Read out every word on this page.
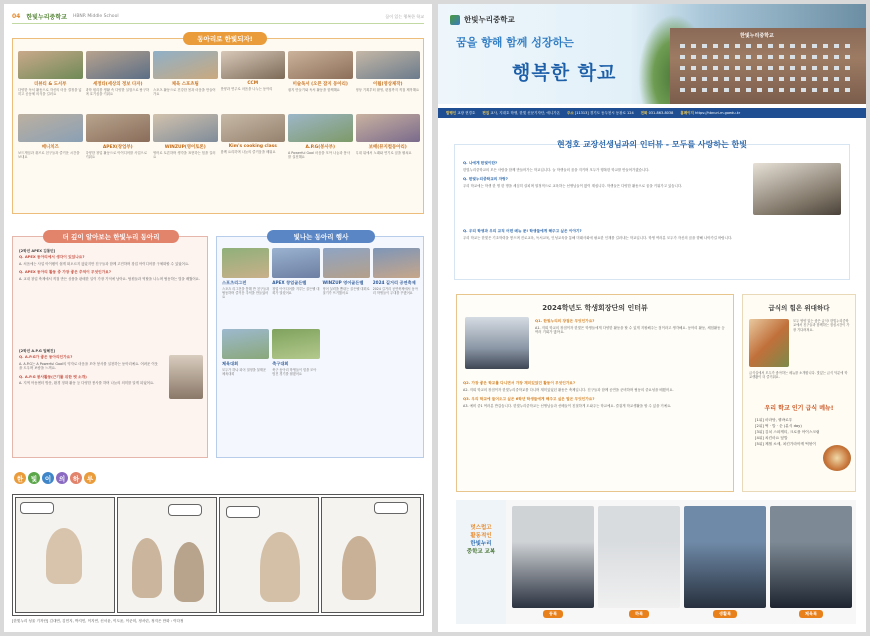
04 한빛누리중학교 HBNR Middle School	꿈이 있는 행복한 학교
동아리로 한빛되자!
더뷰티 & 도서부
다양한 독서 활동으로 자신의 마음 결정을 넓히고 공동체 의식을 길러요
세정타(세상의 정보 다자)
과학 원리를 생활 속 다양한 실험으로 탐구하며 호기심을 키워요
체육 스포츠팀
스포츠 활동으로 건강한 몸과 마음을 만들어 가요
CCM
찬양과 연주로 마음을 나누는 동아리
미술독서 (오픈 잡지 동아리)
잡지 만들기와 독서 활동을 함께해요
이월(영상제작)
영상 기획부터 촬영, 편집까지 직접 제작해요
매니치즈
보드게임과 퀴즈로 친구들과 즐거운 시간을 보내요
APEX(창업부)
다양한 창업 활동으로 아이디어를 사업으로 키워요
WINZUP(영어토론)
영어로 토론하며 생각을 표현하는 힘을 길러요
Kim's cooking class
함께 요리하며 나눔의 즐거움을 배워요
A.P.G(봉사부)
A Powerful Goal 마음을 모아 나눔과 봉사를 실천해요
보배(뮤지컬동아리)
무대 위에서 노래와 연기로 꿈을 펼쳐요
더 깊이 알아보는 한빛누리 동아리
[2학년 APEX 김통민]
Q. APEX 동아리에서 생각이 있었나요?
A. 처음에는 사업 아이템이 쉽게 떠오르지 않았지만 친구들과 함께 고민하며 창업 아이디어를 구체화할 수 있었어요.
Q. APEX 동아리 활동 중 가장 좋은 추억이 무엇인가요?
A. 교내 창업 축제에서 직접 만든 상품을 판매한 일이 가장 기억에 남아요. 팀원들과 역할을 나누며 협동하는 법을 배웠어요.
[2학년 A.P.G 밀혜진]
Q. A.P.G가 좋은 동아리인가요?
A. A.P.G는 A Powerful Goal의 약자로 마음을 모아 봉사를 실천하는 동아리예요. 어려운 이웃을 도우며 보람을 느껴요.
Q. A.P.G 봉사활동(근기를 위한 뱃 소개)
A. 지역 아동센터 방문, 환경 정화 활동 등 다양한 봉사를 하며 나눔의 의미를 알게 되었어요.
빛나는 동아리 행사
스포츠리그전
스포츠 리그전을 통해 반 친구들과 협동하며 즐거운 추억을 만들었어요
APEX 창업골든벨
창업 아이디어를 겨루는 골든벨 대회가 열렸어요
WINZUP 영어골든벨
영어 실력을 뽐내는 골든벨 대회로 열기가 뜨거웠어요
2024 길거리 공연축제
2024 길거리 공연축제에서 동아리 학생들이 무대를 꾸몄어요
체육대회
모두가 하나 되어 열정을 불태운 체육대회
축구대회
축구 동아리 학생들이 힘을 모아 멋진 경기를 펼쳤어요
한	빛	이	의	하	루
[한빛누리 성울 기자단] 김대연, 김민지, 박지민, 이지연, 신서윤, 이도윤, 이준미, 정서린, 정지은 만화 : 이다정
한빛누리중학교
한빛누리중학교
꿈을 향해 함께 성장하는
행복한 학교
발행인 교장 현경호 편집 교사, 지대호 학생, 한빛 신문기자단, 애니가온 주소 [11313] 경기도 동두천시 동광로 124 전화 031-863-8038 홈페이지 https://hbnuri-m.goedu.kr
현경호 교장선생님과의 인터뷰 - 모두를 사랑하는 한빛
Q. 나에게 한빛이란?
한빛누리중학교의 모든 사람을 함께 만들어가는 학교입니다. 늘 학생들의 꿈을 지키며 모두가 행복한 학교를 만들어가겠습니다.
Q. 한빛누리중학교의 자랑?
우리 학교에는 학생 한 명 한 명을 세심히 살피며 열정적으로 교육하는 선생님들이 많이 계십니다. 학생들은 다양한 활동으로 꿈을 키워가고 있습니다.
Q. 우리 학생과 우리 교직 어떤 메뉴 문! 학생들에게 해주고 싶은 이야기?
우리 학교는 한빛은 기초학력을 쌓으며 진로교육, 독서교육, 인성교육을 통해 미래사회에 필요한 인재를 길러내는 학교입니다. 학생 여러분 모두가 자신의 꿈을 향해 나아가길 바랍니다.
2024학년도 학생회장단의 인터뷰
Q1. 한빛누리의 장점은 무엇인가요?
A1. 저희 학교의 장점이자 한빛은 학생들에게 다양한 활동을 할 수 있게 지원해주는 점이라고 생각해요. 동아리 활동, 체험활동 등 여러 기회가 많아요.
Q2. 가장 좋은 학교를 다니면서 가장 재미있었던 활동이 무엇인가요?
A2. 저희 학교의 장점이자 한빛누리중학교를 다니며 재미있었던 활동은 축제입니다. 친구들과 함께 공연을 준비하며 협동의 중요성을 배웠어요.
Q3. 우리 학교에 들어오고 싶은 6학년 학생들에게 해주고 싶은 말은 무엇인가요?
A3. 예비 중1 여러분 반갑습니다. 한빛누리중학교는 선생님들과 선배들이 친절하게 도와주는 학교예요. 즐겁게 학교생활을 할 수 있을 거예요.
급식의 힘은 위대하다
모두 영양 있는 좋은 급식! 한빛누리중학교에서 친구들과 함께하는 점심시간이 가장 기다려져요.
급식실에서 모두가 좋아하는 메뉴를 소개합니다. 맛있는 급식 덕분에 학교생활이 더 즐거워요.
우리 학교 인기 급식 메뉴!
[1위] 마라탕, 꿔바로우
[2위] 떡 · 밥 · 순 (분식 day)
[3위] 김치 스파게티, 크로플 아이스크림
[4위] 치킨마요 덮밥
[5위] 제철 소세, 치킨가라아게 떡볶이
멋스럽고
활동적인
한빛누리
중학교 교복
동복	하복	생활복	체육복
